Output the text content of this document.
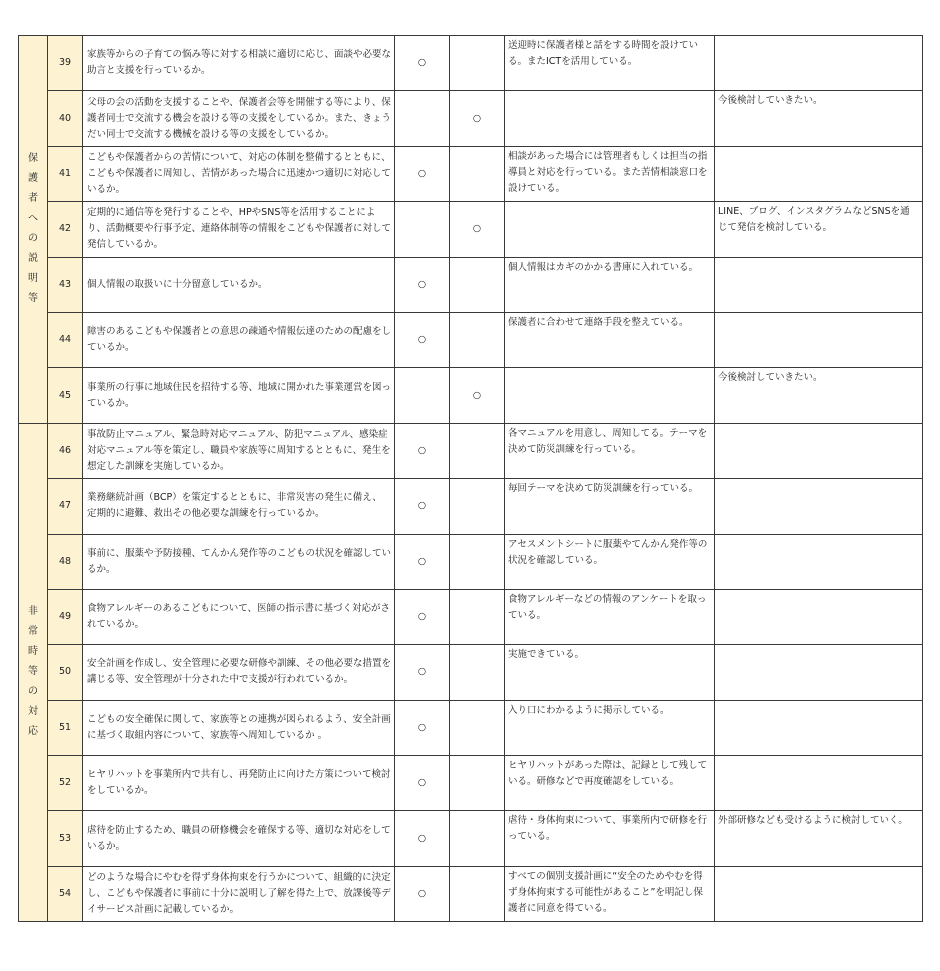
保護者への説明等	39	家族等からの子育ての悩み等に対する相談に適切に応じ、面談や必要な助言と支援を行っているか。	○		送迎時に保護者様と話をする時間を設けている。またICTを活用している。	
	40	父母の会の活動を支援することや、保護者会等を開催する等により、保護者同士で交流する機会を設ける等の支援をしているか。また、きょうだい同士で交流する機械を設ける等の支援をしているか。		○		今後検討していきたい。
	41	こどもや保護者からの苦情について、対応の体制を整備するとともに、こどもや保護者に周知し、苦情があった場合に迅速かつ適切に対応しているか。	○		相談があった場合には管理者もしくは担当の指導員と対応を行っている。また苦情相談窓口を設けている。	
	42	定期的に通信等を発行することや、HPやSNS等を活用することにより、活動概要や行事予定、連絡体制等の情報をこどもや保護者に対して発信しているか。		○		LINE、ブログ、インスタグラムなどSNSを通じて発信を検討している。
	43	個人情報の取扱いに十分留意しているか。	○		個人情報はカギのかかる書庫に入れている。	
	44	障害のあるこどもや保護者との意思の疎通や情報伝達のための配慮をしているか。	○		保護者に合わせて連絡手段を整えている。	
	45	事業所の行事に地域住民を招待する等、地域に開かれた事業運営を図っているか。		○		今後検討していきたい。
非常時等の対応	46	事故防止マニュアル、緊急時対応マニュアル、防犯マニュアル、感染症対応マニュアル等を策定し、職員や家族等に周知するとともに、発生を想定した訓練を実施しているか。	○		各マニュアルを用意し、周知してる。テーマを決めて防災訓練を行っている。	
	47	業務継続計画（BCP）を策定するとともに、非常災害の発生に備え、定期的に避難、救出その他必要な訓練を行っているか。	○		毎回テーマを決めて防災訓練を行っている。	
	48	事前に、服薬や予防接種、てんかん発作等のこどもの状況を確認しているか。	○		アセスメントシートに服薬やてんかん発作等の状況を確認している。	
	49	食物アレルギーのあるこどもについて、医師の指示書に基づく対応がされているか。	○		食物アレルギーなどの情報のアンケートを取っている。	
	50	安全計画を作成し、安全管理に必要な研修や訓練、その他必要な措置を講じる等、安全管理が十分された中で支援が行われているか。	○		実施できている。	
	51	こどもの安全確保に関して、家族等との連携が図られるよう、安全計画に基づく取組内容について、家族等へ周知しているか 。	○		入り口にわかるように掲示している。	
	52	ヒヤリハットを事業所内で共有し、再発防止に向けた方策について検討をしているか。	○		ヒヤリハットがあった際は、記録として残している。研修などで再度確認をしている。	
	53	虐待を防止するため、職員の研修機会を確保する等、適切な対応をしているか。	○		虐待・身体拘束について、事業所内で研修を行っている。	外部研修なども受けるように検討していく。
	54	どのような場合にやむを得ず身体拘束を行うかについて、組織的に決定し、こどもや保護者に事前に十分に説明し了解を得た上で、放課後等デイサービス計画に記載しているか。	○		すべての個別支援計画に“安全のためやむを得ず身体拘束する可能性があること”を明記し保護者に同意を得ている。	
